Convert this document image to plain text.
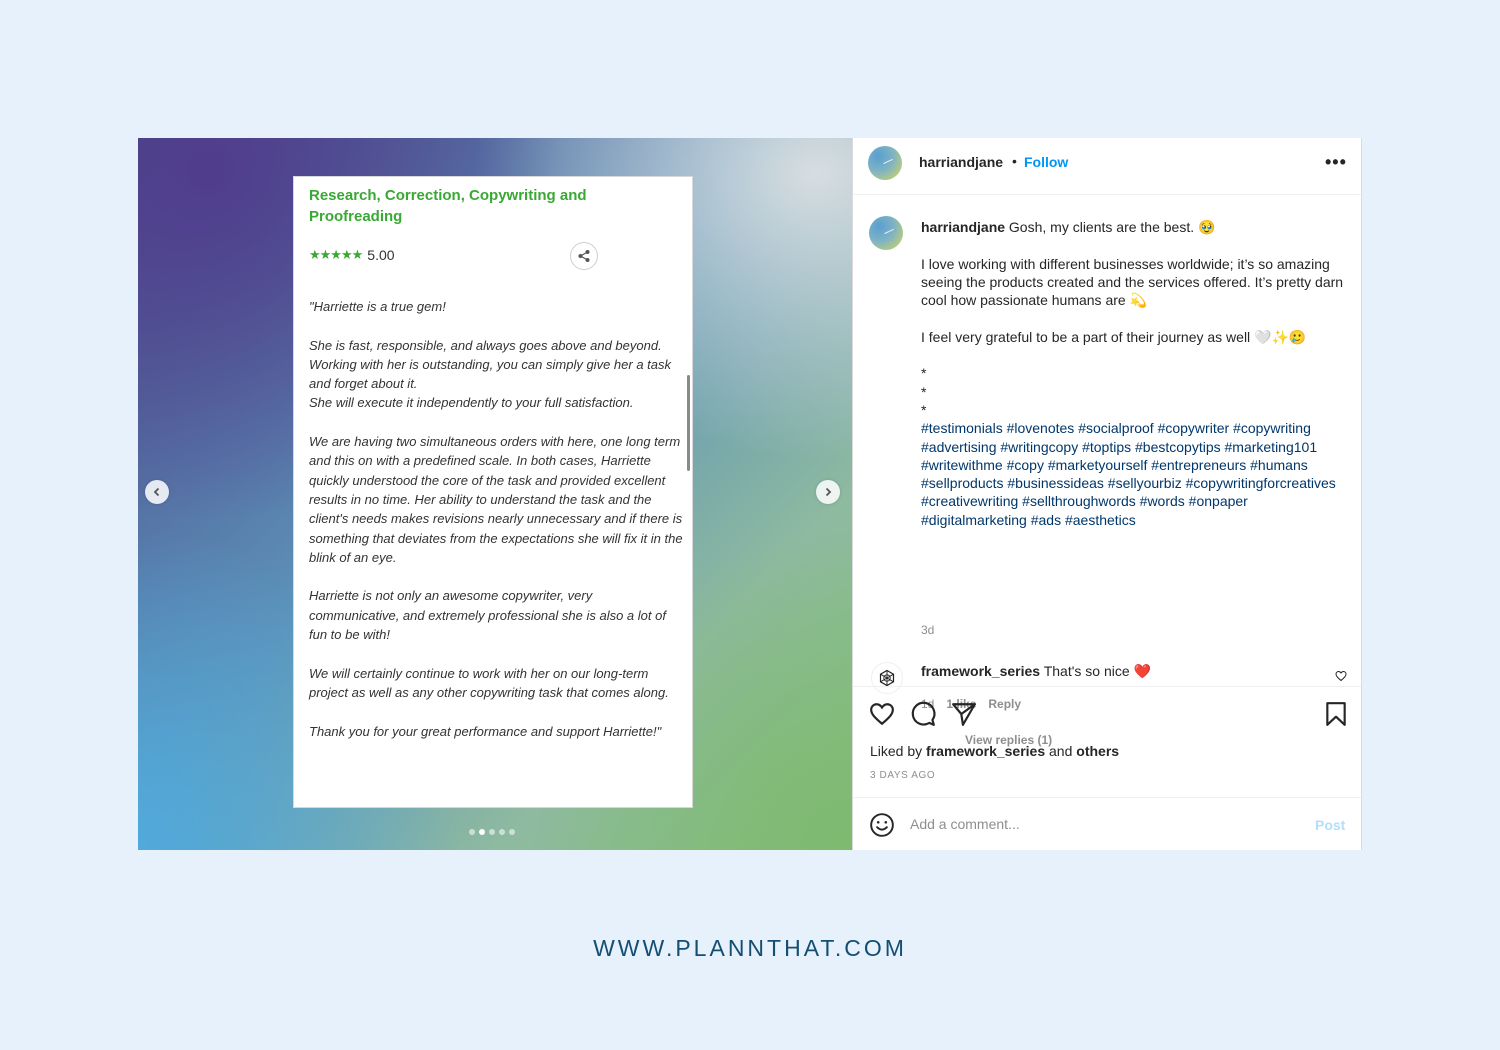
Research, Correction, Copywriting and Proofreading
★★★★★ 5.00
"Harriette is a true gem!

She is fast, responsible, and always goes above and beyond.
Working with her is outstanding, you can simply give her a task and forget about it.
She will execute it independently to your full satisfaction.

We are having two simultaneous orders with here, one long term and this on with a predefined scale. In both cases, Harriette quickly understood the core of the task and provided excellent results in no time. Her ability to understand the task and the client's needs makes revisions nearly unnecessary and if there is something that deviates from the expectations she will fix it in the blink of an eye.

Harriette is not only an awesome copywriter, very communicative, and extremely professional she is also a lot of fun to be with!

We will certainly continue to work with her on our long-term project as well as any other copywriting task that comes along.

Thank you for your great performance and support Harriette!"
harriandjane • Follow	•••
harriandjane Gosh, my clients are the best. 🥹

I love working with different businesses worldwide; it’s so amazing seeing the products created and the services offered. It’s pretty darn cool how passionate humans are 💫

I feel very grateful to be a part of their journey as well 🤍✨🥲

*
*
*
#testimonials #lovenotes #socialproof #copywriter #copywriting #advertising #writingcopy #toptips #bestcopytips #marketing101 #writewithme #copy #marketyourself #entrepreneurs #humans #sellproducts #businessideas #sellyourbiz #copywritingforcreatives #creativewriting #sellthroughwords #words #onpaper #digitalmarketing #ads #aesthetics
3d
framework_series That's so nice ❤️
1d 1 like Reply
View replies (1)
Liked by framework_series and others
3 DAYS AGO
Add a comment...
Post
WWW.PLANNTHAT.COM
